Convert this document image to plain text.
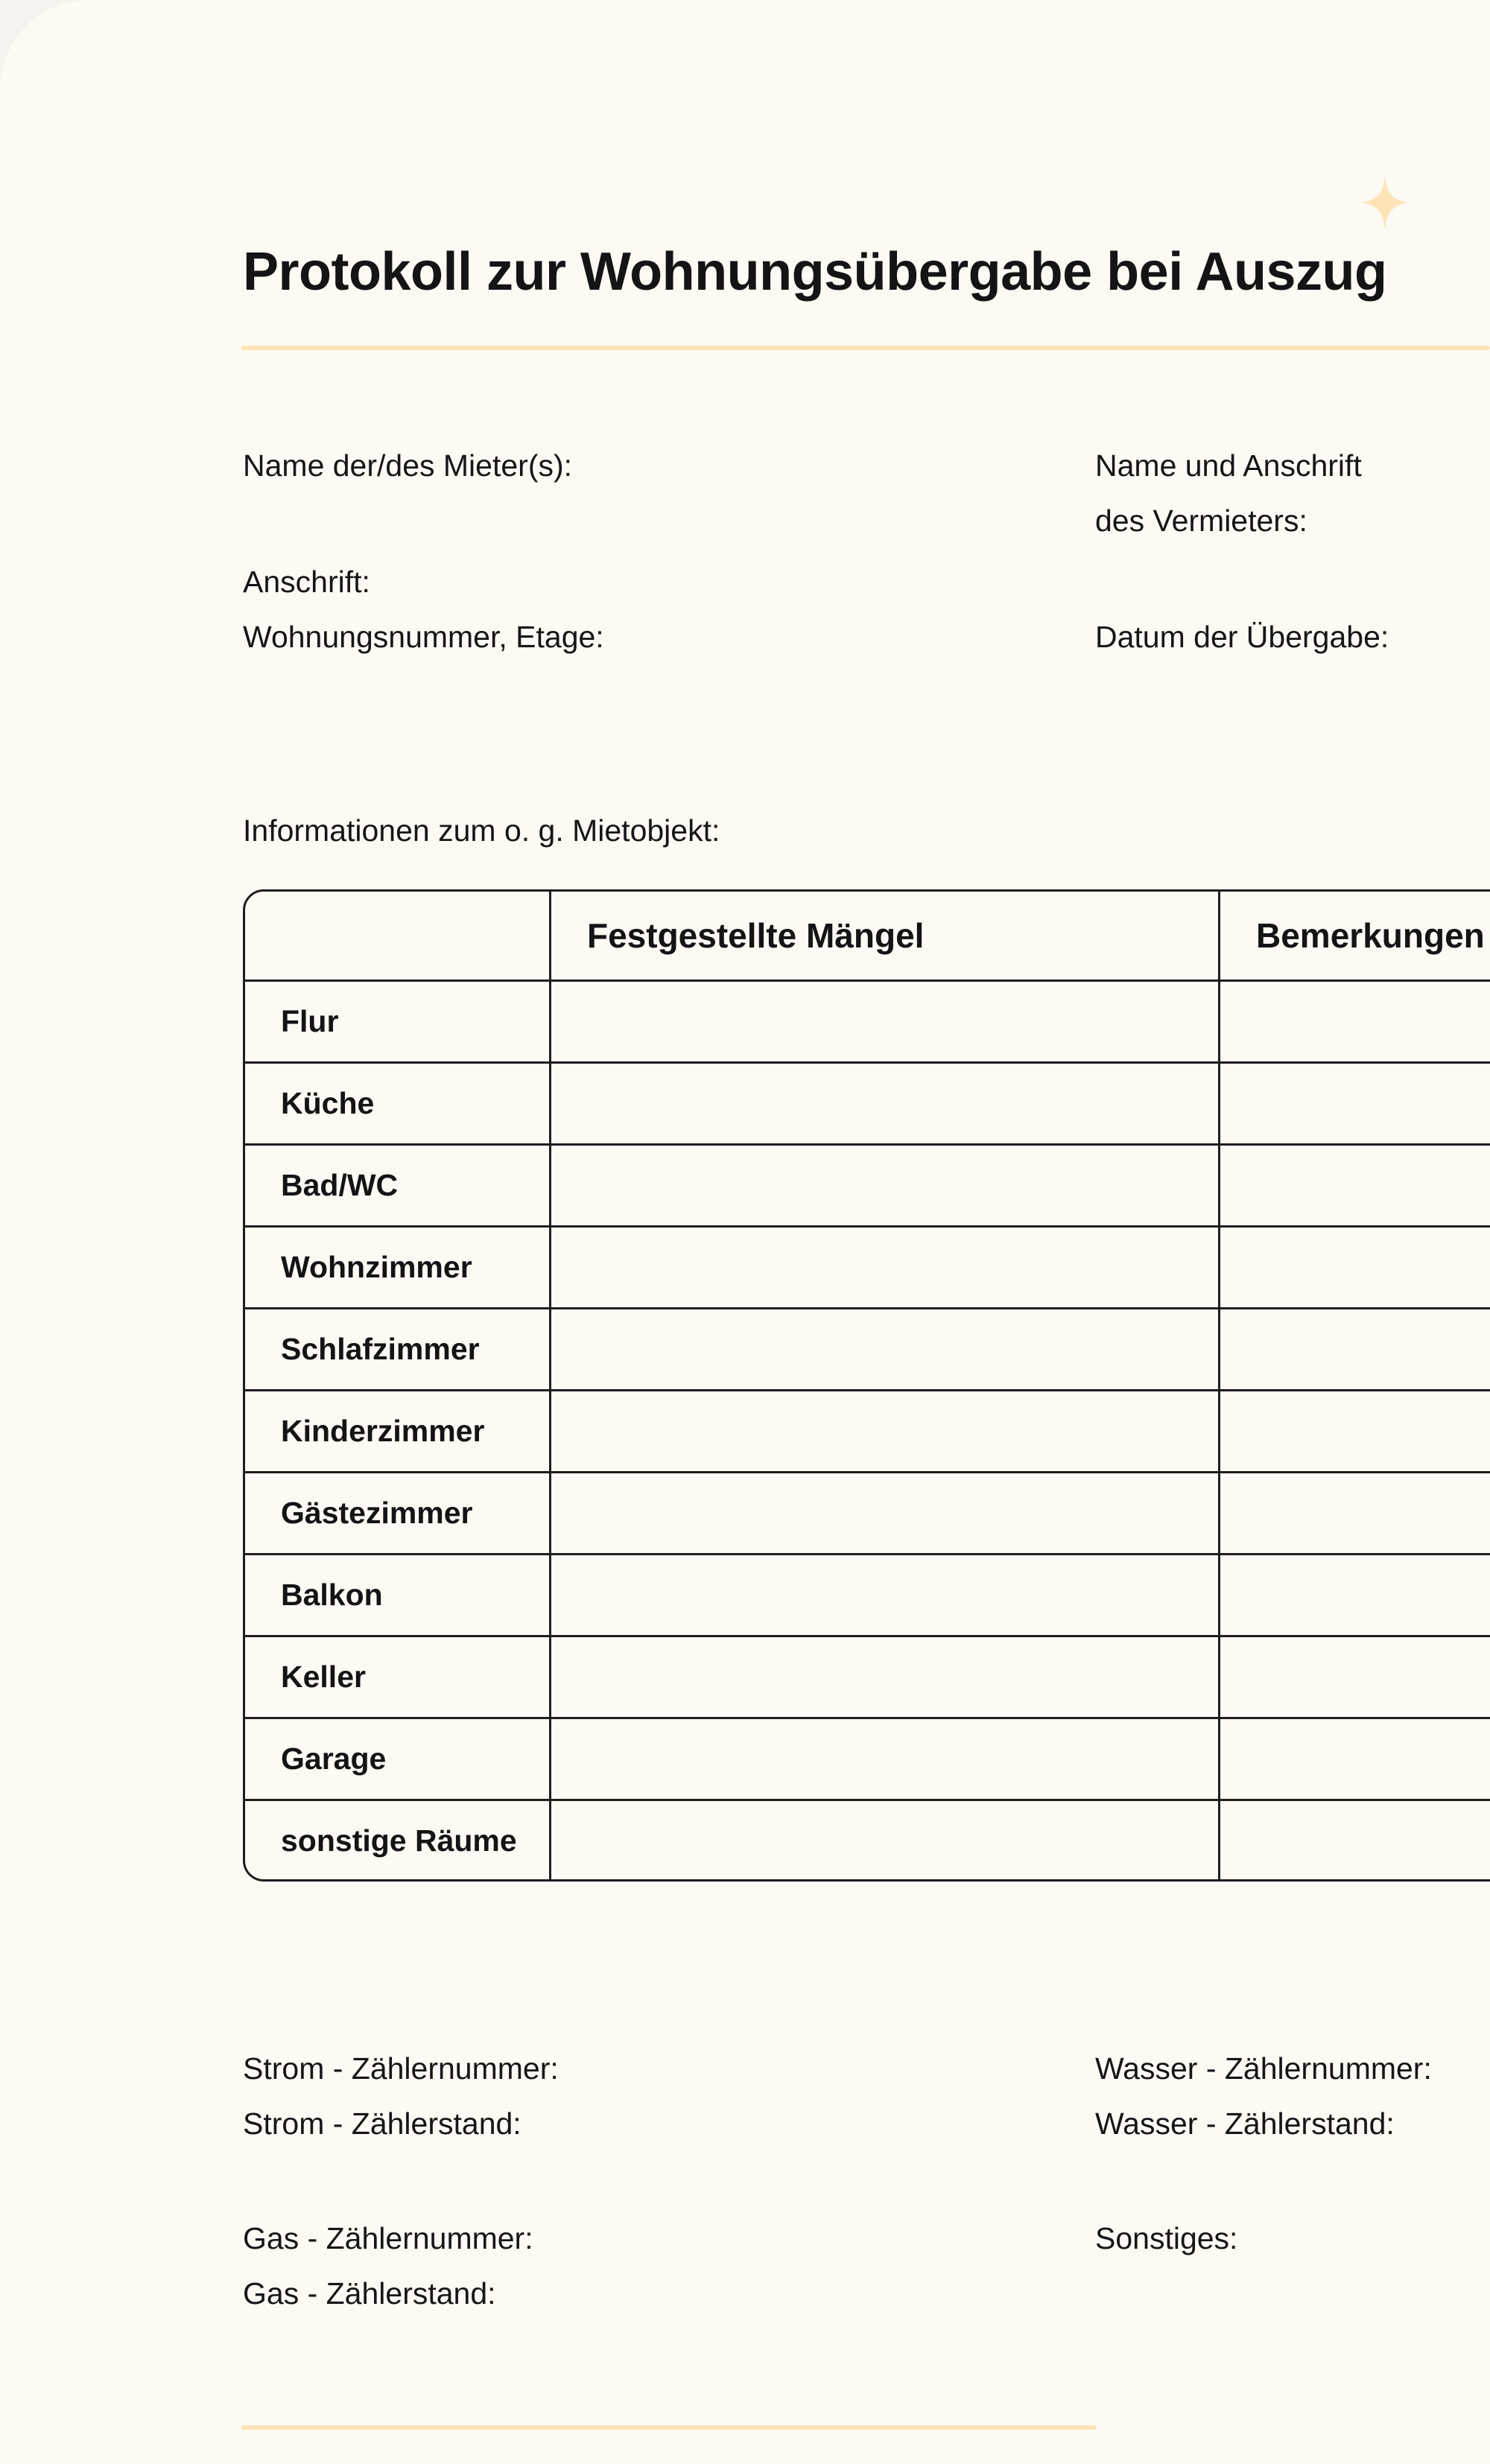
Protokoll zur Wohnungsübergabe bei Auszug
Name der/des Mieter(s):
Anschrift:
Wohnungsnummer, Etage:
Name und Anschrift
des Vermieters:
Datum der Übergabe:
Informationen zum o. g. Mietobjekt:
Festgestellte Mängel	Bemerkungen
Flur
Küche
Bad/WC
Wohnzimmer
Schlafzimmer
Kinderzimmer
Gästezimmer
Balkon
Keller
Garage
sonstige Räume
Strom - Zählernummer:
Strom - Zählerstand:
Wasser - Zählernummer:
Wasser - Zählerstand:
Gas - Zählernummer:
Gas - Zählerstand:
Sonstiges:
